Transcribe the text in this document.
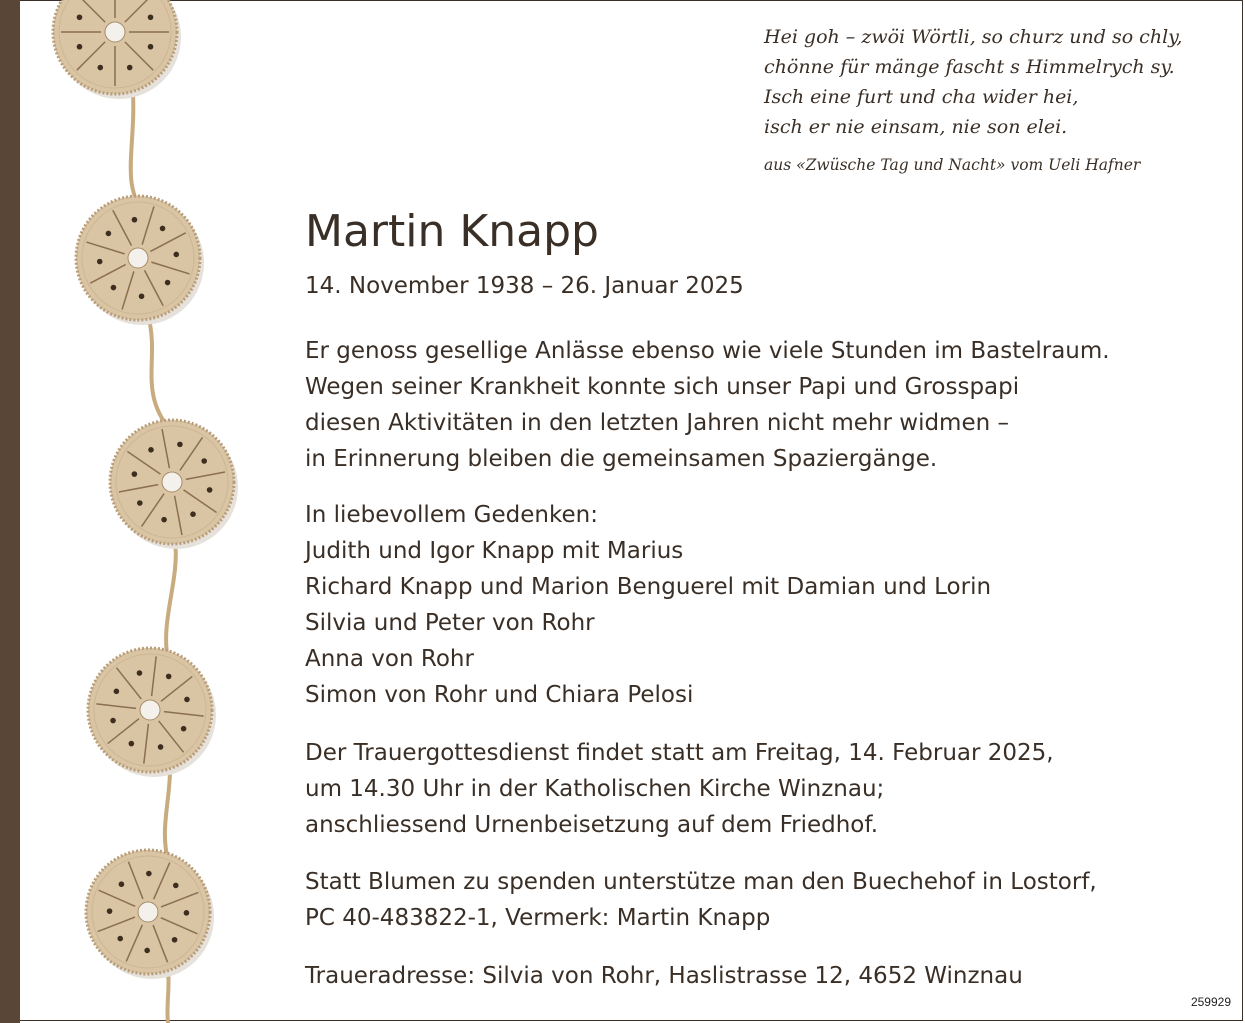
Hei goh – zwöi Wörtli, so churz und so chly,
chönne für mänge fascht s Himmelrych sy.
Isch eine furt und cha wider hei,
isch er nie einsam, nie son elei.
aus «Zwüsche Tag und Nacht» vom Ueli Hafner
Martin Knapp
14. November 1938 – 26. Januar 2025
Er genoss gesellige Anlässe ebenso wie viele Stunden im Bastelraum.
Wegen seiner Krankheit konnte sich unser Papi und Grosspapi
diesen Aktivitäten in den letzten Jahren nicht mehr widmen –
in Erinnerung bleiben die gemeinsamen Spaziergänge.
In liebevollem Gedenken:
Judith und Igor Knapp mit Marius
Richard Knapp und Marion Benguerel mit Damian und Lorin
Silvia und Peter von Rohr
Anna von Rohr
Simon von Rohr und Chiara Pelosi
Der Trauergottesdienst findet statt am Freitag, 14. Februar 2025,
um 14.30 Uhr in der Katholischen Kirche Winznau;
anschliessend Urnenbeisetzung auf dem Friedhof.
Statt Blumen zu spenden unterstütze man den Buechehof in Lostorf,
PC 40-483822-1, Vermerk: Martin Knapp
Traueradresse: Silvia von Rohr, Haslistrasse 12, 4652 Winznau
259929
